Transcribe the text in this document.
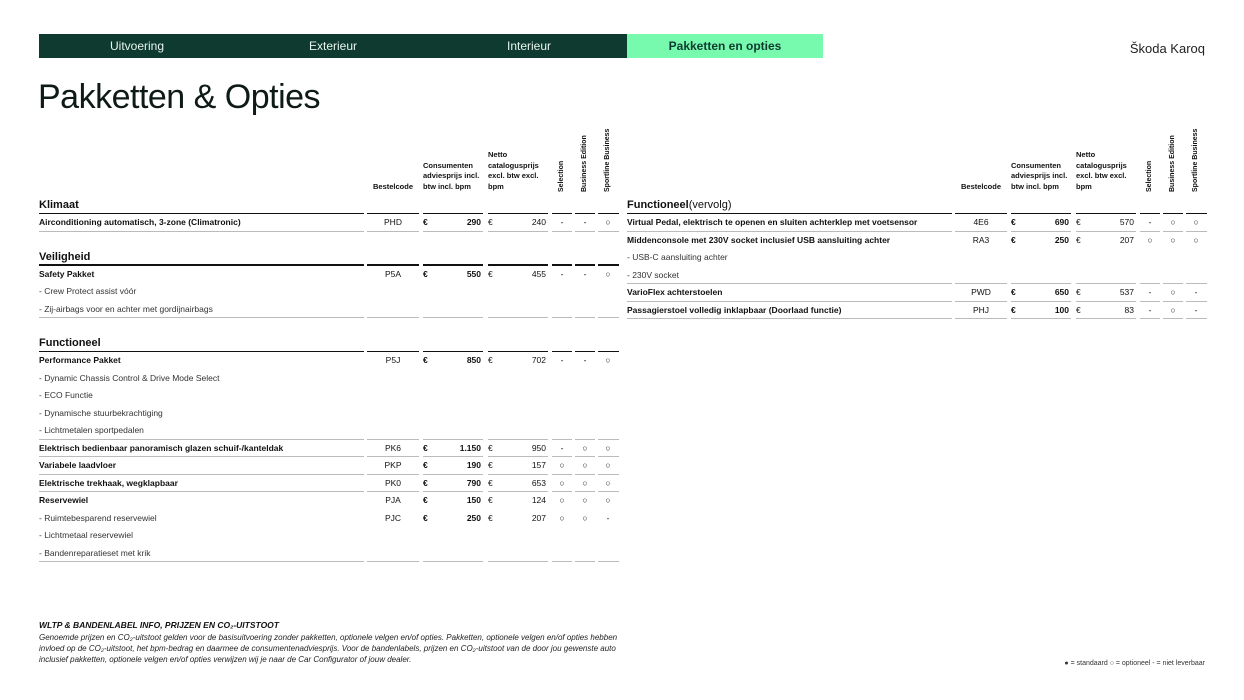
Uitvoering	Exterieur	Interieur	Pakketten en opties	Škoda Karoq
Pakketten & Opties
Bestelcode
Consumenten adviesprijs incl. btw incl. bpm
Netto catalogusprijs excl. btw excl. bpm	Selection Business Edition Sportline Business
Klimaat
Airconditioning automatisch, 3-zone (Climatronic)	PHD	€	290 €	240	-	-	○
Veiligheid
Safety Pakket	P5A	€	550 €	455	-	-	○
- Crew Protect assist vóór
- Zij-airbags voor en achter met gordijnairbags
Functioneel
Performance Pakket	P5J	€	850 €	702	-	-	○
- Dynamic Chassis Control & Drive Mode Select
- ECO Functie
- Dynamische stuurbekrachtiging
- Lichtmetalen sportpedalen
Elektrisch bedienbaar panoramisch glazen schuif-/kanteldak	PK6	€	1.150 €	950	-	○	○
Variabele laadvloer	PKP	€	190 €	157	○	○	○
Elektrische trekhaak, wegklapbaar	PK0	€	790 €	653	○	○	○
Reservewiel	PJA	€	150 €	124	○	○	○
- Ruimtebesparend reservewiel	PJC	€	250 €	207	○	○	-
- Lichtmetaal reservewiel
- Bandenreparatieset met krik
Bestelcode
Consumenten adviesprijs incl. btw incl. bpm
Netto catalogusprijs excl. btw excl. bpm	Selection Business Edition Sportline Business
Functioneel (vervolg)
Virtual Pedal, elektrisch te openen en sluiten achterklep met voetsensor	4E6	€	690 €	570	-	○	○
Middenconsole met 230V socket inclusief USB aansluiting achter	RA3	€	250 €	207	○	○	○
- USB-C aansluiting achter
- 230V socket
VarioFlex achterstoelen	PWD	€	650 €	537	-	○	-
Passagierstoel volledig inklapbaar (Doorlaad functie)	PHJ	€	100 €	83	-	○	-
WLTP & BANDENLABEL INFO, PRIJZEN EN CO₂-UITSTOOT
Genoemde prijzen en CO₂-uitstoot gelden voor de basisuitvoering zonder pakketten, optionele velgen en/of opties. Pakketten, optionele velgen en/of opties hebben invloed op de CO₂-uitstoot, het bpm-bedrag en daarmee de consumentenadviesprijs. Voor de bandenlabels, prijzen en CO₂-uitstoot van de door jou gewenste auto inclusief pakketten, optionele velgen en/of opties verwijzen wij je naar de Car Configurator of jouw dealer.	● = standaard ○ = optioneel - = niet leverbaar
